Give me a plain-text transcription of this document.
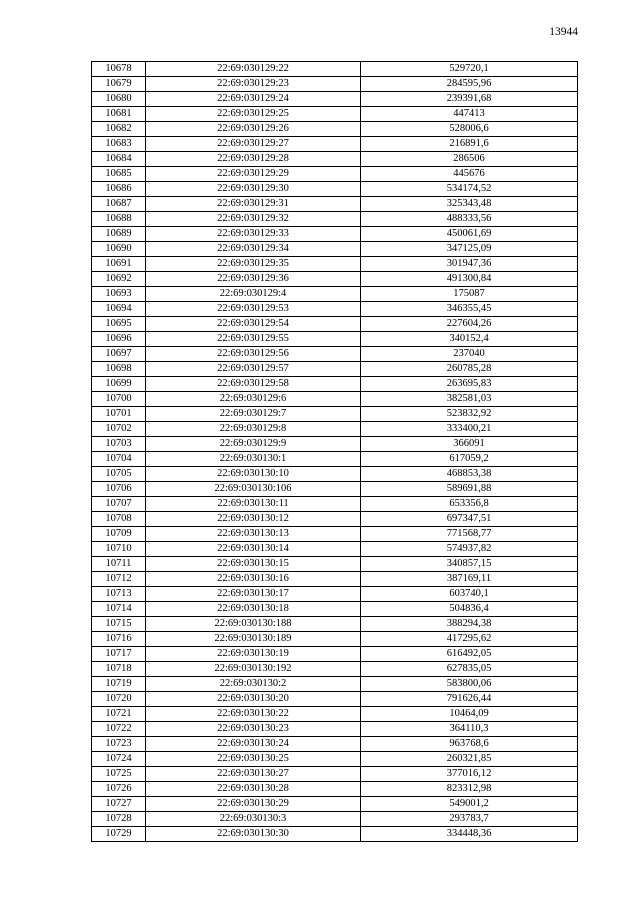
13944
10678	22:69:030129:22	529720,1
10679	22:69:030129:23	284595,96
10680	22:69:030129:24	239391,68
10681	22:69:030129:25	447413
10682	22:69:030129:26	528006,6
10683	22:69:030129:27	216891,6
10684	22:69:030129:28	286506
10685	22:69:030129:29	445676
10686	22:69:030129:30	534174,52
10687	22:69:030129:31	325343,48
10688	22:69:030129:32	488333,56
10689	22:69:030129:33	450061,69
10690	22:69:030129:34	347125,09
10691	22:69:030129:35	301947,36
10692	22:69:030129:36	491300,84
10693	22:69:030129:4	175087
10694	22:69:030129:53	346355,45
10695	22:69:030129:54	227604,26
10696	22:69:030129:55	340152,4
10697	22:69:030129:56	237040
10698	22:69:030129:57	260785,28
10699	22:69:030129:58	263695,83
10700	22:69:030129:6	382581,03
10701	22:69:030129:7	523832,92
10702	22:69:030129:8	333400,21
10703	22:69:030129:9	366091
10704	22:69:030130:1	617059,2
10705	22:69:030130:10	468853,38
10706	22:69:030130:106	589691,88
10707	22:69:030130:11	653356,8
10708	22:69:030130:12	697347,51
10709	22:69:030130:13	771568,77
10710	22:69:030130:14	574937,82
10711	22:69:030130:15	340857,15
10712	22:69:030130:16	387169,11
10713	22:69:030130:17	603740,1
10714	22:69:030130:18	504836,4
10715	22:69:030130:188	388294,38
10716	22:69:030130:189	417295,62
10717	22:69:030130:19	616492,05
10718	22:69:030130:192	627835,05
10719	22:69:030130:2	583800,06
10720	22:69:030130:20	791626,44
10721	22:69:030130:22	10464,09
10722	22:69:030130:23	364110,3
10723	22:69:030130:24	963768,6
10724	22:69:030130:25	260321,85
10725	22:69:030130:27	377016,12
10726	22:69:030130:28	823312,98
10727	22:69:030130:29	549001,2
10728	22:69:030130:3	293783,7
10729	22:69:030130:30	334448,36
